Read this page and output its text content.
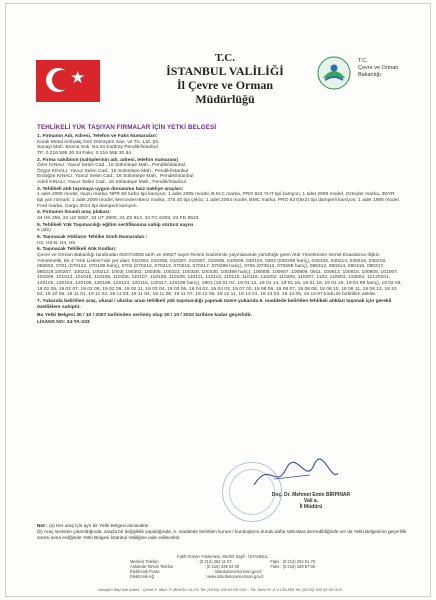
★
T.C.
İSTANBUL VALİLİĞİ
İl Çevre ve Orman Müdürlüğü
T.C.
Çevre ve Orman
Bakanlığı
TEHLİKELİ YÜK TAŞIYAN FIRMALAR İÇİN YETKİ BELGESİ
1. Firmanın Adı, Adresi, Telefon ve Faks Numaraları:
Kınalı Metal Ambalaj Geri Dönüşüm San. ve Tic. Ltd. Şti.
Sanayi Mah. Bosna Sok. No:44 Kurtköy Pendik/İstanbul
TF: 0 216 595 30 34 Faks: 0 216 595 30 84
2. Firma sahibinin (sahiplerinin adı, adresi, telefon numarası)
Özer KINALI, Yavuz Selim Cad., 16 Sülüntepe Mah., Pendik/İstanbul
Özgür KINALI, Yavuz Selim Cad., 16 Sülüntepe Mah., Pendik/İstanbul
Erdoğan KINALI, Yavuz Selim Cad., 16 Sülüntepe Mah., Pendik/İstanbul
Adeli KINALI, Yavuz Selim Cad., 16 Sülüntepe Mah., Pendik/İstanbul
3. Tehlikeli atık taşımaya uygun donanıma haiz nakliye araçları:
1 adet 2008 model, Isuzu marka, NPR 66 turbo tipi kamyon; 1 adet 2005 model, B.M.C marka, PRO 624 YHT tipi kamyon; 1 adet 2009 model, Ozteyler marka, 3DYR tipi yarı römork; 1 adet 2009 model, Mercedes-Benz marka, 375.40 tipi çekici; 1 adet 2004 model, BMC marka, PRO 827(8x2) tipi damperli kamyon; 1 adet 1995 model, Ford marka, Cargo 2014 tipi damperli kamyon.
4. Firmanın İnsanlı araç plakası:
34 HK 256, 34 UZ 0667, 34 UT 2900, 34 ZS 813, 34 FC 6303, 34 FD 8523
5. Tehlikeli Yük Taşımacılığı eğitim sertifikasına sahip sürücü sayısı
6 (altı)
6. Taşınacak Atıkların Tehlike Sınıfı Numaraları :
H2, H3-B, H4, H5
6. Taşınacak Tehlikeli Atık Kodları:
Çevre ve Orman Bakanlığı tarafından 05/07/2008 tarih ve 26927 sayılı Resmi Gazete'de yayınlanarak yürürlüğe giren Atık Yönetiminin Genel Esaslarına İlişkin Yönetmelik, Ek 4 "Atık Listesi"nde yer alan; 010304, 010305, 010307, 010407, 010505, 010506, 030104, 0302 (030299 hariç), 040103, 040214, 040216, 040219, 060802, 0701 (070122, 070199 hariç), 0702 (070212, 070213, 070215, 070217, 070299 hariç), 0706 (070612, 070699 hariç), 080312, 080314, 080316, 080317, 080319,100207, 100211, 100213, 1003( 100302, 100305, 100322, 100328, 100330, 100399 hariç), 100905, 100907, 100909, 0911, 100913, 100915, 100905, 101007, 101009, 101013, 101015, 110105, 110106, 110107, 110108, 110109, 110111, 110113, 110115, 110116, 110202, 110205, 110207, 1103, 110503, 110504, 12120101, 120102, 120104, 120106, 120108, 120113, 120115, 120117, 120199 hariç), 1901 (19 01 02, 19 01 12, 19 01 14, 19 01 16, 19 01 18, 19 01 19, 19 01 99 hariç), 19 02 04, 19 02 05, 19 02 07, 19 02 08, 19 02 09, 19 02 11, 19 03 04, 19 03 06, 19 04 02, 19 04 03, 19 07 02, 19 08 06, 19 08 07, 19 08 08, 19 08 10, 19 08 11, 19 08 13, 19 10 03, 19 10 05, 19 11 01, 19 11 02, 19 11 03, 19 11 04, 19 11 05, 19 11 07, 19 12 06, 19 12 11, 19 13 01, 19 13 03, 19 13 05, 19 13 07 kodu ile belirtilen atıklar.
7. Yukarıda belirtilen araç, ulusal / uluslar arası tehlikeli yük taşımacılığı yapmak üzere yukarıda 6. maddede belirtilen tehlikeli atıkları taşımak için gerekli özelliklere sahiptir.
Bu Yetki Belgesi 30 / 10 / 2007 tarihinden verilmiş olup 30 / 10 / 2010 tarihine kadar geçerlidir.
LİSANS NO: 34-TA-103
Doç. Dr. Mehmet Emin BİRPINAR
Vali a.
İl Müdürü
Not : (a) Her araç için ayrı bir Yetki Belgesi alınacaktır.
(b) Araç sevisten çıkarıldığında, araçta bir değişiklik yapıldığında, 4. maddede belirtilen kurum / kuruluşların durulu daha sahıslara devredildiğinde ve/ da Yetki Belgesinin geçerlilik süresi sona erdiğinde Yetki Belgesi İstanbul Valiliğine iade edilecektir.
Fatih Orman Yönlemesi, Mezhit Sayfi - İSTANBUL
Merkezi Telefon	: (0 212) 262 11 57	Faks : (0 212) 262 51 79
Antalede Tahsin Telefon	: (0 216) 339 63 00	Faks : (0 216) 339 67 00
Elektronik Posta	: istanbulcevreorman.gov.tr
Elektronik Ağ	: www.istanbulcevreorman.gov.tr
Asrayiıh İltişi İçin Adres : Çevre Y. Mah. P. BUKSU ULUS Tel: (0216) 339 63 00 /110 - Tlk. Sehi PL Z.V.CELEBI Tel: (0216) 339 63 00 /120
